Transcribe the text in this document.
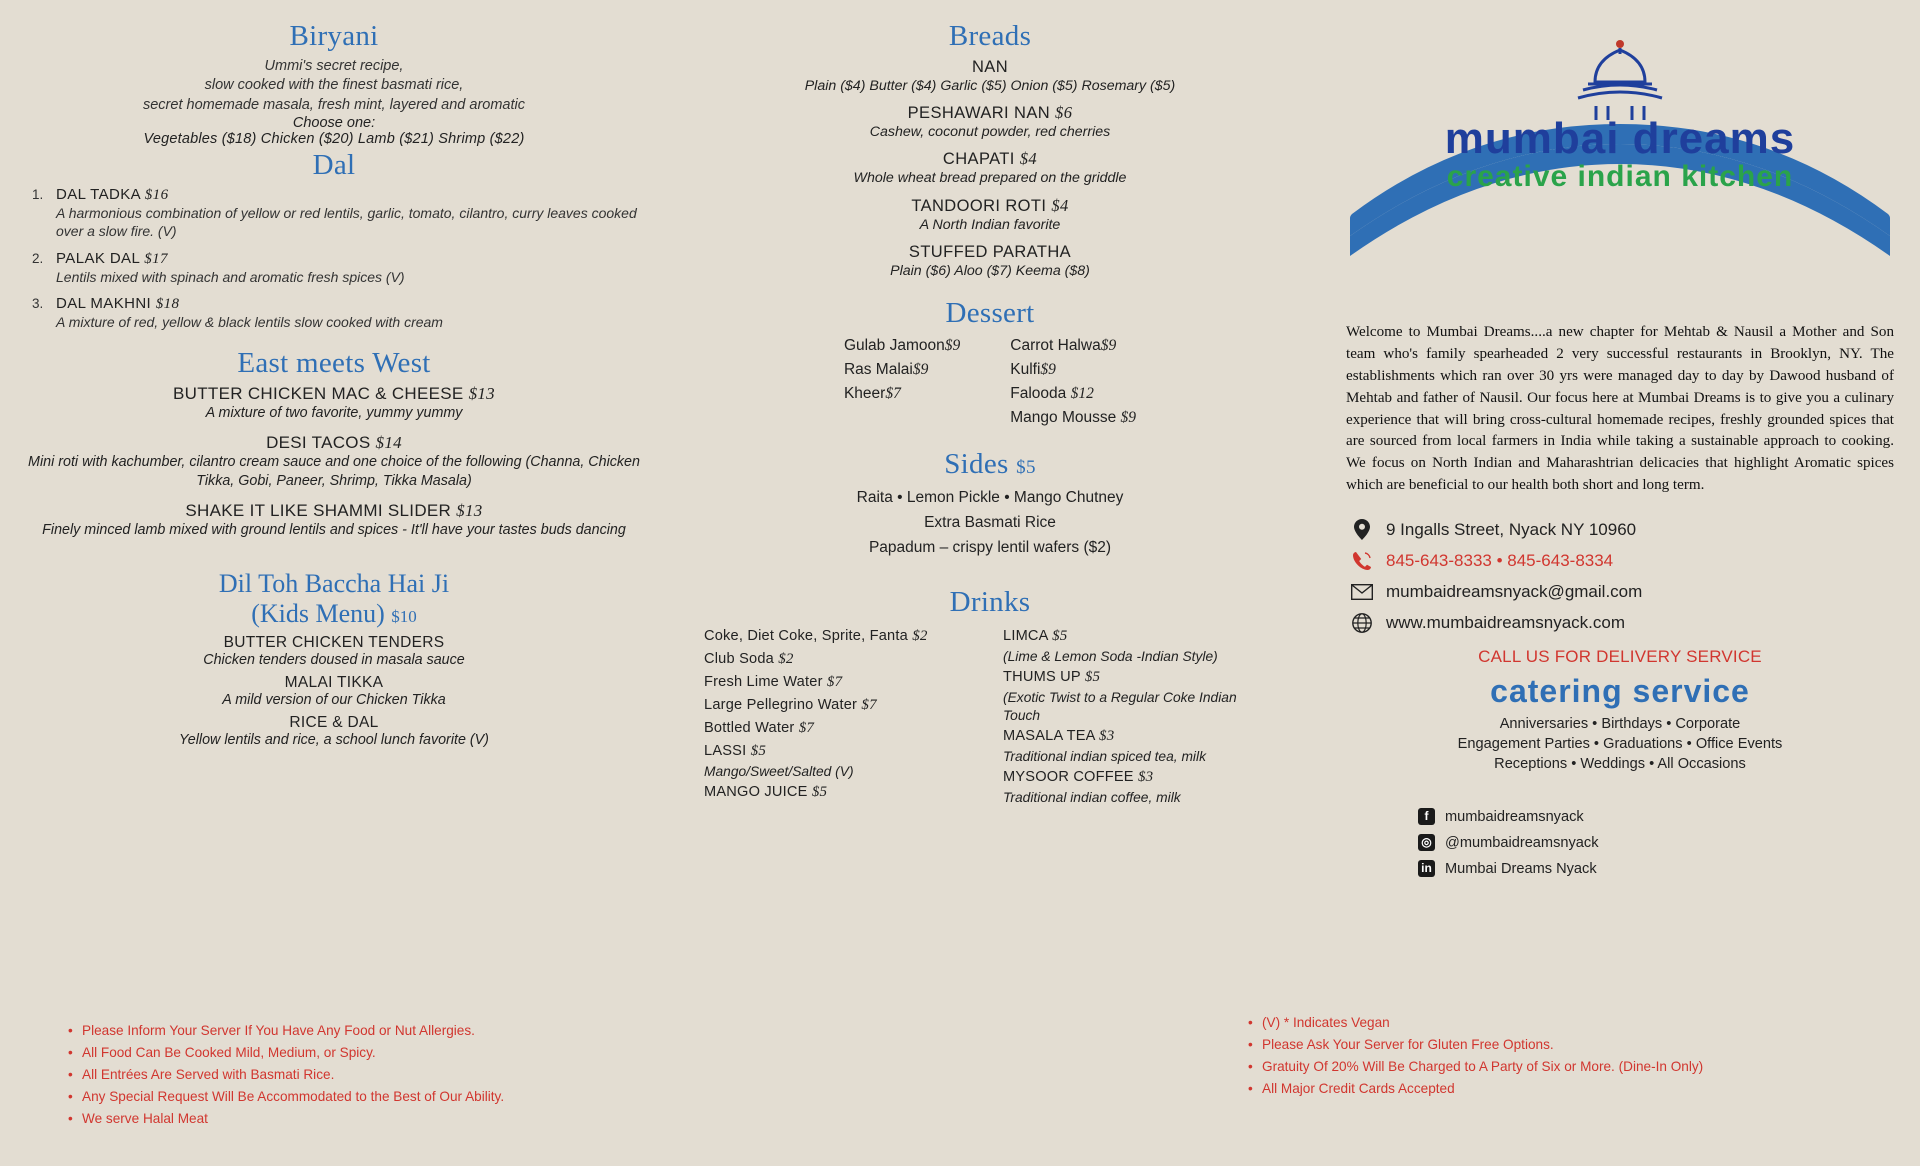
Biryani
Ummi's secret recipe,
slow cooked with the finest basmati rice,
secret homemade masala, fresh mint, layered and aromatic
Choose one:
Vegetables ($18) Chicken ($20) Lamb ($21) Shrimp ($22)
Dal
DAL TADKA $16
A harmonious combination of yellow or red lentils, garlic, tomato, cilantro, curry leaves cooked over a slow fire. (V)
PALAK DAL $17
Lentils mixed with spinach and aromatic fresh spices (V)
DAL MAKHNI $18
A mixture of red, yellow & black lentils slow cooked with cream
East meets West
BUTTER CHICKEN MAC & CHEESE $13
A mixture of two favorite, yummy yummy
DESI TACOS $14
Mini roti with kachumber, cilantro cream sauce and one choice of the following (Channa, Chicken Tikka, Gobi, Paneer, Shrimp, Tikka Masala)
SHAKE IT LIKE SHAMMI SLIDER $13
Finely minced lamb mixed with ground lentils and spices - It'll have your tastes buds dancing
Dil Toh Baccha Hai Ji
(Kids Menu) $10
BUTTER CHICKEN TENDERS
Chicken tenders doused in masala sauce
MALAI TIKKA
A mild version of our Chicken Tikka
RICE & DAL
Yellow lentils and rice, a school lunch favorite (V)
• Please Inform Your Server If You Have Any Food or Nut Allergies.
• All Food Can Be Cooked Mild, Medium, or Spicy.
• All Entrées Are Served with Basmati Rice.
• Any Special Request Will Be Accommodated to the Best of Our Ability.
• We serve Halal Meat
Breads
NAN
Plain ($4) Butter ($4) Garlic ($5) Onion ($5) Rosemary ($5)
PESHAWARI NAN $6
Cashew, coconut powder, red cherries
CHAPATI $4
Whole wheat bread prepared on the griddle
TANDOORI ROTI $4
A North Indian favorite
STUFFED PARATHA
Plain ($6) Aloo ($7) Keema ($8)
Dessert
Gulab Jamoon$9
Ras Malai$9
Kheer$7
Carrot Halwa$9
Kulfi$9
Falooda $12
Mango Mousse $9
Sides $5
Raita • Lemon Pickle • Mango Chutney
Extra Basmati Rice
Papadum – crispy lentil wafers ($2)
Drinks
Coke, Diet Coke, Sprite, Fanta $2
Club Soda $2
Fresh Lime Water $7
Large Pellegrino Water $7
Bottled Water $7
LASSI $5
Mango/Sweet/Salted (V)
MANGO JUICE $5
LIMCA $5
(Lime & Lemon Soda -Indian Style)
THUMS UP $5
(Exotic Twist to a Regular Coke Indian Touch
MASALA TEA $3
Traditional indian spiced tea, milk
MYSOOR COFFEE $3
Traditional indian coffee, milk
• (V) * Indicates Vegan
• Please Ask Your Server for Gluten Free Options.
• Gratuity Of 20% Will Be Charged to A Party of Six or More. (Dine-In Only)
• All Major Credit Cards Accepted
mumbai dreams
creative indian kitchen
Welcome to Mumbai Dreams....a new chapter for Mehtab & Nausil a Mother and Son team who's family spearheaded 2 very successful restaurants in Brooklyn, NY. The establishments which ran over 30 yrs were managed day to day by Dawood husband of Mehtab and father of Nausil. Our focus here at Mumbai Dreams is to give you a culinary experience that will bring cross-cultural homemade recipes, freshly grounded spices that are sourced from local farmers in India while taking a sustainable approach to cooking. We focus on North Indian and Maharashtrian delicacies that highlight Aromatic spices which are beneficial to our health both short and long term.
9 Ingalls Street, Nyack NY 10960
845-643-8333 • 845-643-8334
mumbaidreamsnyack@gmail.com
www.mumbaidreamsnyack.com
CALL US FOR DELIVERY SERVICE
catering service
Anniversaries • Birthdays • Corporate
Engagement Parties • Graduations • Office Events
Receptions • Weddings • All Occasions
f	mumbaidreamsnyack
◎ @mumbaidreamsnyack
in Mumbai Dreams Nyack
